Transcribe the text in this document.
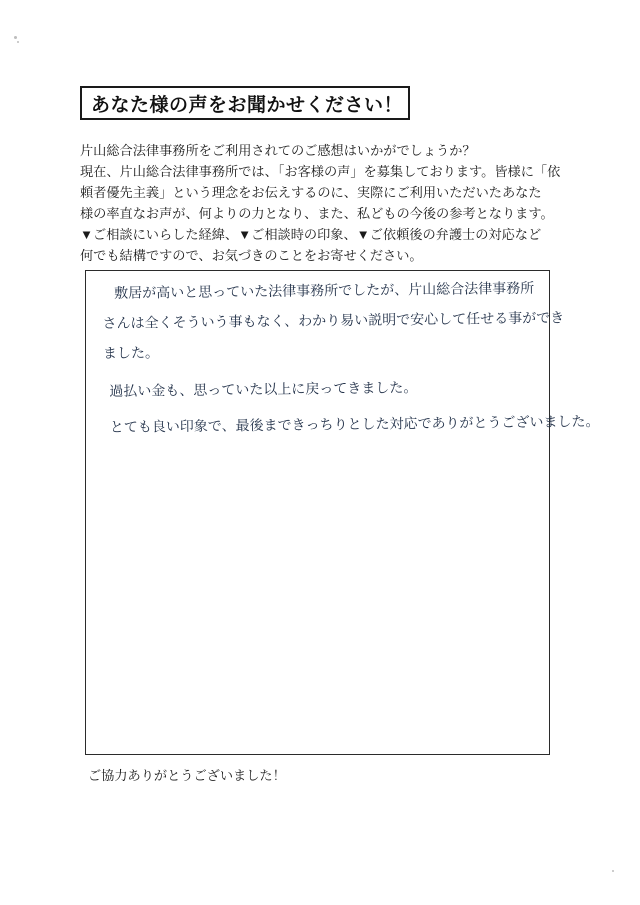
あなた様の声をお聞かせください！

片山総合法律事務所をご利用されてのご感想はいかがでしょうか？

現在、片山総合法律事務所では、「お客様の声」を募集しております。皆様に「依

頼者優先主義」という理念をお伝えするのに、実際にご利用いただいたあなた

様の率直なお声が、何よりの力となり、また、私どもの今後の参考となります。

▼ご相談にいらした経緯、▼ご相談時の印象、▼ご依頼後の弁護士の対応など

何でも結構ですので、お気づきのことをお寄せください。

敷居が高いと思っていた法律事務所でしたが、片山総合法律事務所
さんは全くそういう事もなく、わかり易い説明で安心して任せる事ができ
ました。
過払い金も、思っていた以上に戻ってきました。
とても良い印象で、最後まできっちりとした対応でありがとうございました。
ご協力ありがとうございました！
